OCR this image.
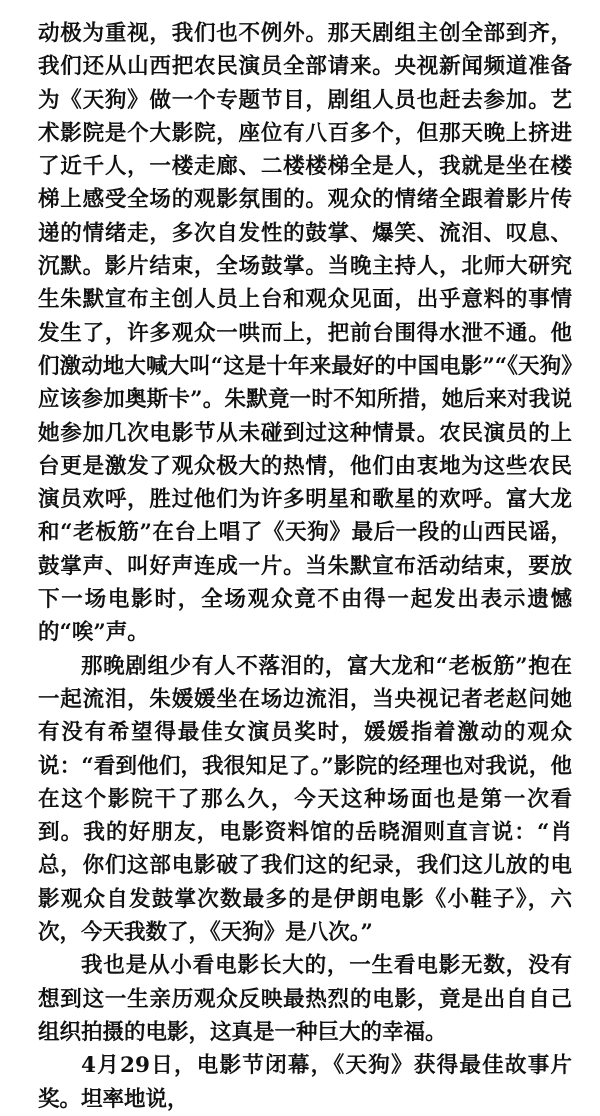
动极为重视，我们也不例外。那天剧组主创全部到齐，我们还从山西把农民演员全部请来。央视新闻频道准备为《天狗》做一个专题节目，剧组人员也赶去参加。艺术影院是个大影院，座位有八百多个，但那天晚上挤进了近千人，一楼走廊、二楼楼梯全是人，我就是坐在楼梯上感受全场的观影氛围的。观众的情绪全跟着影片传递的情绪走，多次自发性的鼓掌、爆笑、流泪、叹息、沉默。影片结束，全场鼓掌。当晚主持人，北师大研究生朱默宣布主创人员上台和观众见面，出乎意料的事情发生了，许多观众一哄而上，把前台围得水泄不通。他们激动地大喊大叫“这是十年来最好的中国电影”“《天狗》应该参加奥斯卡”。朱默竟一时不知所措，她后来对我说她参加几次电影节从未碰到过这种情景。农民演员的上台更是激发了观众极大的热情，他们由衷地为这些农民演员欢呼，胜过他们为许多明星和歌星的欢呼。富大龙和“老板筋”在台上唱了《天狗》最后一段的山西民谣，鼓掌声、叫好声连成一片。当朱默宣布活动结束，要放下一场电影时，全场观众竟不由得一起发出表示遗憾的“唉”声。

那晚剧组少有人不落泪的，富大龙和“老板筋”抱在一起流泪，朱媛媛坐在场边流泪，当央视记者老赵问她有没有希望得最佳女演员奖时，媛媛指着激动的观众说：“看到他们，我很知足了。”影院的经理也对我说，他在这个影院干了那么久，今天这种场面也是第一次看到。我的好朋友，电影资料馆的岳晓湄则直言说：“肖总，你们这部电影破了我们这的纪录，我们这儿放的电影观众自发鼓掌次数最多的是伊朗电影《小鞋子》，六次，今天我数了，《天狗》是八次。”

我也是从小看电影长大的，一生看电影无数，没有想到这一生亲历观众反映最热烈的电影，竟是出自自己组织拍摄的电影，这真是一种巨大的幸福。

4月29日，电影节闭幕，《天狗》获得最佳故事片奖。坦率地说，
